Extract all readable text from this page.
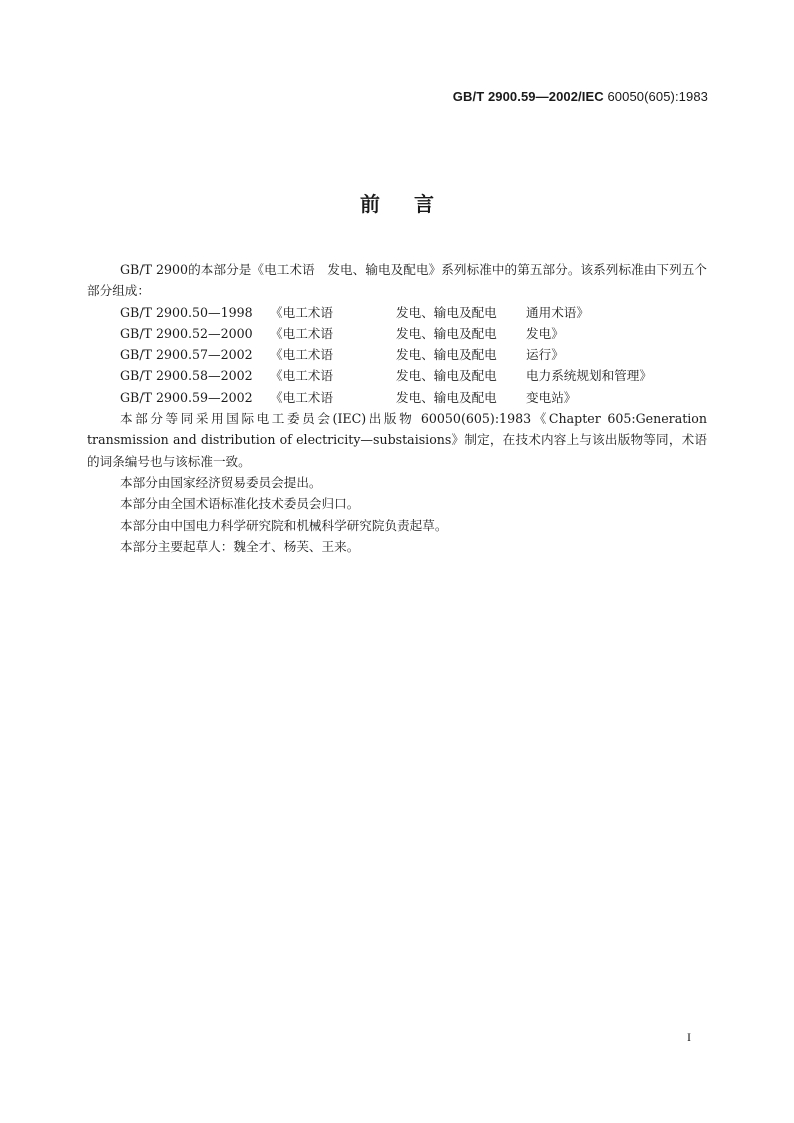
GB/T 2900.59—2002/IEC 60050(605):1983
前言

GB/T 2900的本部分是《电工术语　发电、输电及配电》系列标准中的第五部分。该系列标准由下列五个部分组成：

GB/T 2900.50—1998 《电工术语	发电、输电及配电 通用术语》

GB/T 2900.52—2000 《电工术语	发电、输电及配电 发电》

GB/T 2900.57—2002 《电工术语	发电、输电及配电 运行》

GB/T 2900.58—2002 《电工术语	发电、输电及配电 电力系统规划和管理》

GB/T 2900.59—2002 《电工术语	发电、输电及配电 变电站》

本部分等同采用国际电工委员会(IEC)出版物 60050(605):1983《Chapter 605:Generation transmission and distribution of electricity—substaisions》制定，在技术内容上与该出版物等同，术语的词条编号也与该标准一致。

本部分由国家经济贸易委员会提出。

本部分由全国术语标准化技术委员会归口。

本部分由中国电力科学研究院和机械科学研究院负责起草。

本部分主要起草人：魏全才、杨芙、王来。

I
